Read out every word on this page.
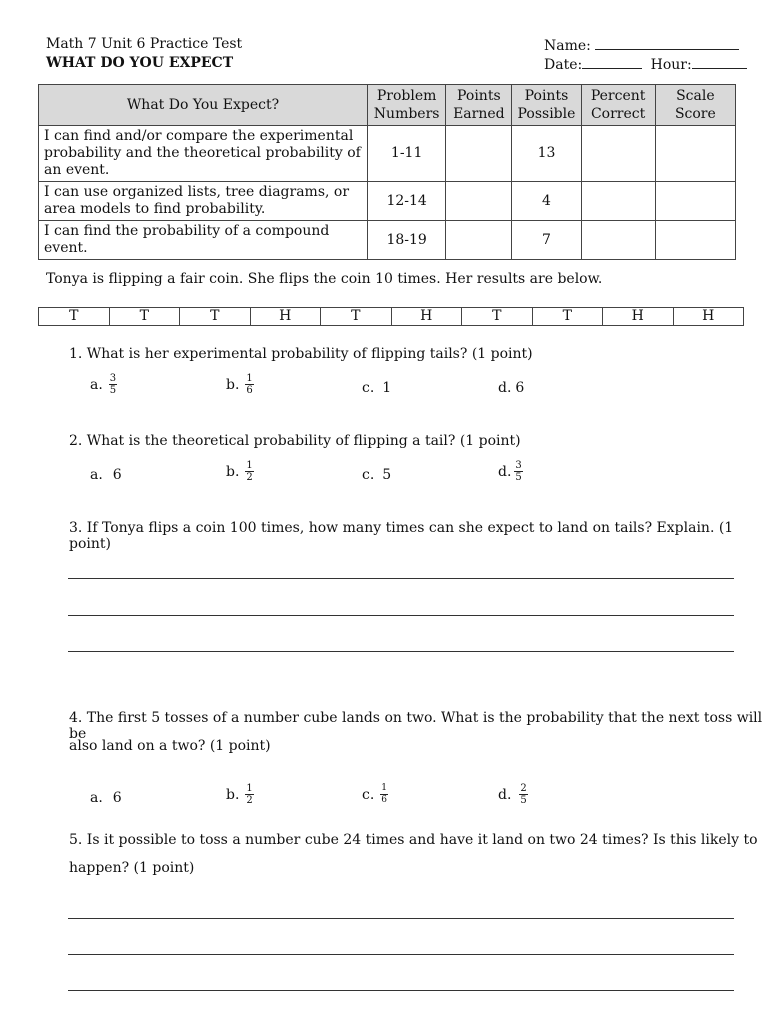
Math 7 Unit 6 Practice Test
WHAT DO YOU EXPECT
Name:
Date:	Hour:
What Do You Expect?	Problem Numbers	Points Earned	Points Possible	Percent Correct	Scale Score
I can find and/or compare the experimental probability and the theoretical probability of an event.	1-11		13		
I can use organized lists, tree diagrams, or area models to find probability.	12-14		4		
I can find the probability of a compound event.	18-19		7		
Tonya is flipping a fair coin. She flips the coin 10 times. Her results are below.
T	T	T	H	T	H	T	T	H	H
1. What is her experimental probability of flipping tails? (1 point)
a. $\frac{3}{5}$	b. $\frac{1}{6}$	c. 1	d. 6
2. What is the theoretical probability of flipping a tail? (1 point)
a. 6	b. $\frac{1}{2}$	c. 5	d. $\frac{3}{5}$
3. If Tonya flips a coin 100 times, how many times can she expect to land on tails? Explain. (1 point)
4. The first 5 tosses of a number cube lands on two. What is the probability that the next toss will be
also land on a two? (1 point)
a. 6	b. $\frac{1}{2}$	c. $\frac{1}{6}$	d. $\frac{2}{5}$
5. Is it possible to toss a number cube 24 times and have it land on two 24 times? Is this likely to
happen? (1 point)
